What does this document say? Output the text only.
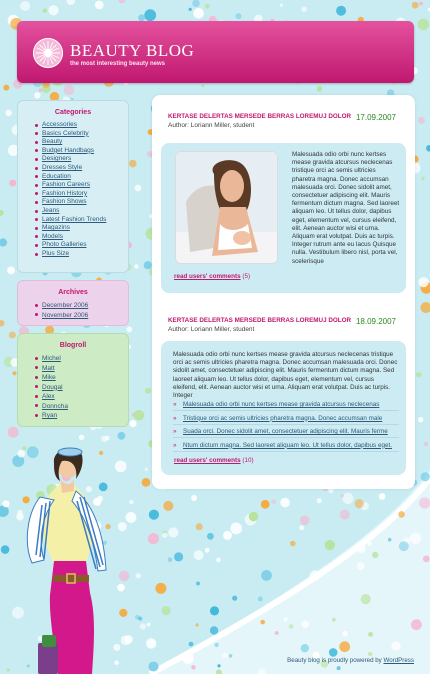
BEAUTY BLOG
the most interesting beauty news
Categories
Accessories
Basics Celebrity
Beauty
Budget Handbags
Designers
Dresses Style
Education
Fashion Careers
Fashion History
Fashion Shows
Jeans
Latest Fashion Trends
Magazins
Models
Photo Galleries
Plus Size
Archives
December 2006
November 2006
Blogroll
Michel
Matt
Mike
Dougal
Alex
Donncha
Ryan
KERTASE DELERTAS MERSEDE BERRAS LOREMUJ DOLOR 17.09.2007
Author: Loriann Miller, student
Malesuada odio orbi nunc kertses mease gravida atcursus neclecenas tristique orci ac semis ultricies pharetra magna. Donec accumsan malesuada orci. Donec sidolit amet, consectetuer adipiscing elit. Mauris fermentum dictum magna. Sed laoreet aliquam leo. Ut tellus dolor, dapibus eget, elementum vel, cursus eleifend, elit. Aenean auctor wisi et urna. Aliquam erat volutpat. Duis ac turpis. Integer rutrum ante eu lacus Quisque nulla. Vestibulum libero nisl, porta vel, scelerisque
read users' comments (5)
KERTASE DELERTAS MERSEDE BERRAS LOREMUJ DOLOR 18.09.2007
Author: Loriann Miller, student
Malesuada odio orbi nunc kertses mease gravida atcursus neclecenas tristique orci ac semis ultricies pharetra magna. Donec accumsan malesuada orci. Donec sidolit amet, consectetuer adipiscing elit. Mauris fermentum dictum magna. Sed laoreet aliquam leo. Ut tellus dolor, dapibus eget, elementum vel, cursus eleifend, elit. Aenean auctor wisi et urna. Aliquam erat volutpat. Duis ac turpis. Integer
» Malesuada odio orbi nunc kertses mease gravida atcursus neclecenas
» Tristique orci ac semis ultricies pharetra magna. Donec accumsan male
» Suada orci. Donec sidolit amet, consectetuer adipiscing elit. Mauris ferme
» Ntum dictum magna. Sed laoreet aliquam leo. Ut tellus dolor, dapibus eget.
read users' comments (10)
Beauty blog is proudly powered by WordPress
